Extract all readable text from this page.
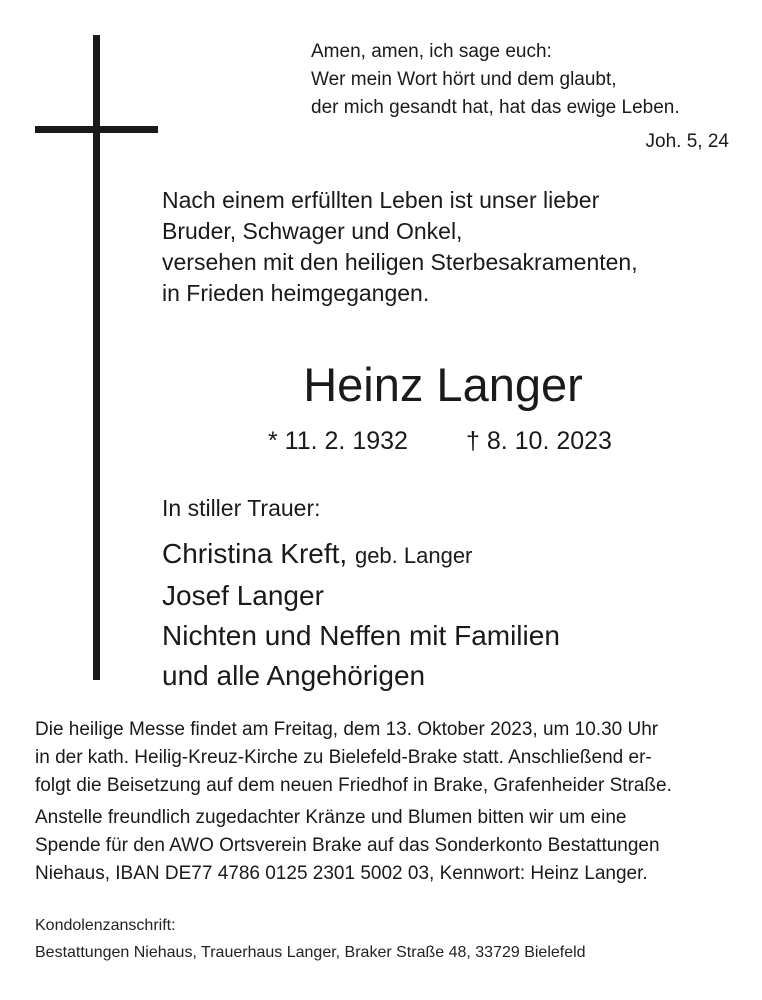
Amen, amen, ich sage euch:
Wer mein Wort hört und dem glaubt,
der mich gesandt hat, hat das ewige Leben.
Joh. 5, 24
Nach einem erfüllten Leben ist unser lieber
Bruder, Schwager und Onkel,
versehen mit den heiligen Sterbesakramenten,
in Frieden heimgegangen.
Heinz Langer
* 11. 2. 1932 † 8. 10. 2023
In stiller Trauer:
Christina Kreft, geb. Langer
Josef Langer
Nichten und Neffen mit Familien
und alle Angehörigen
Die heilige Messe findet am Freitag, dem 13. Oktober 2023, um 10.30 Uhr
in der kath. Heilig-Kreuz-Kirche zu Bielefeld-Brake statt. Anschließend er-
folgt die Beisetzung auf dem neuen Friedhof in Brake, Grafenheider Straße.
Anstelle freundlich zugedachter Kränze und Blumen bitten wir um eine
Spende für den AWO Ortsverein Brake auf das Sonderkonto Bestattungen
Niehaus, IBAN DE77 4786 0125 2301 5002 03, Kennwort: Heinz Langer.
Kondolenzanschrift:
Bestattungen Niehaus, Trauerhaus Langer, Braker Straße 48, 33729 Bielefeld
